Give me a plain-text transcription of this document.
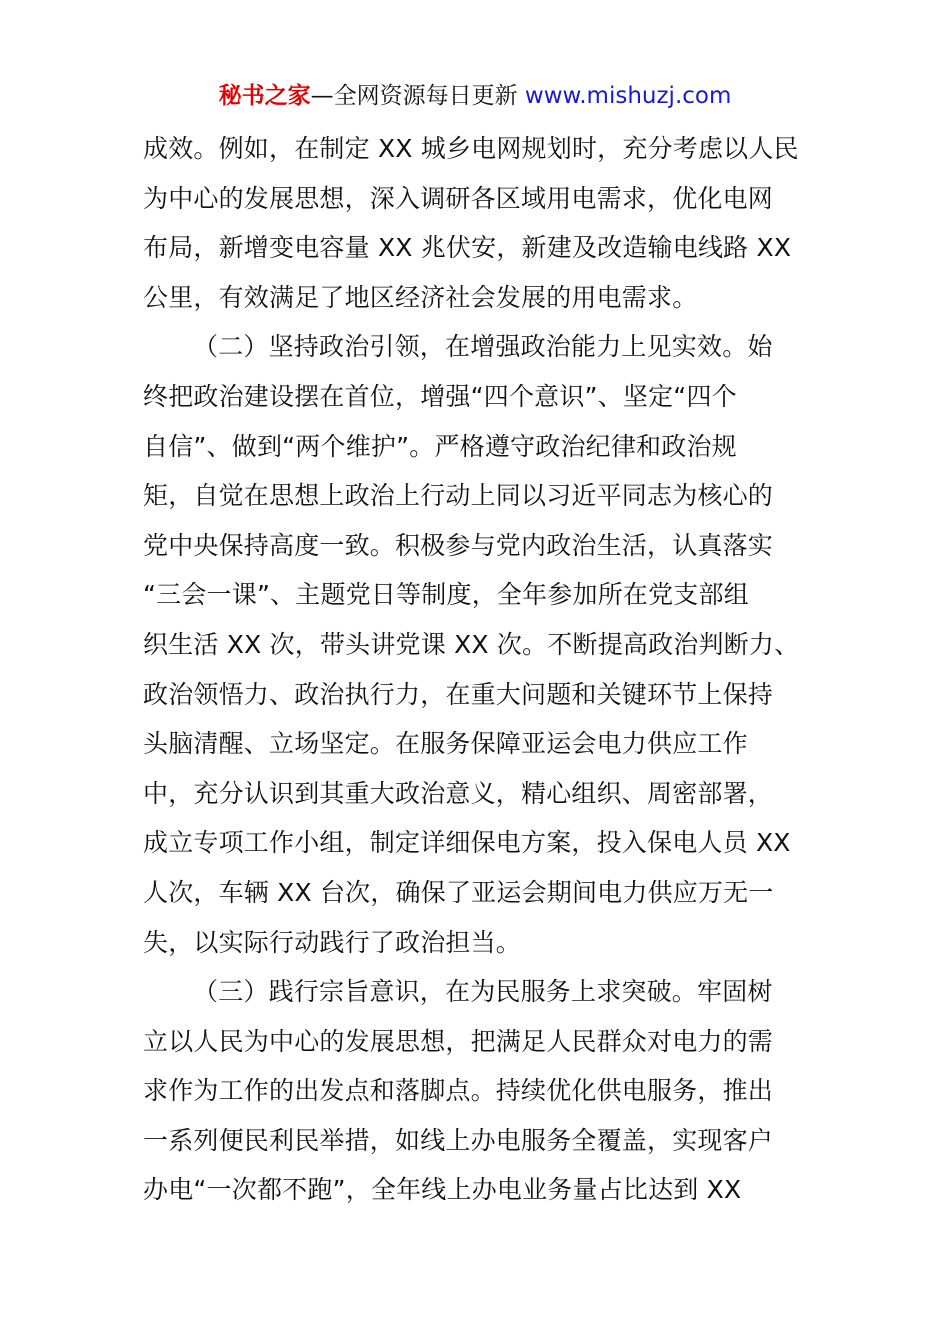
秘书之家—全网资源每日更新 www.mishuzj.com
成效。例如，在制定 XX 城乡电网规划时，充分考虑以人民
为中心的发展思想，深入调研各区域用电需求，优化电网
布局，新增变电容量 XX 兆伏安，新建及改造输电线路 XX
公里，有效满足了地区经济社会发展的用电需求。
（二）坚持政治引领，在增强政治能力上见实效。始
终把政治建设摆在首位，增强“四个意识”、坚定“四个
自信”、做到“两个维护”。严格遵守政治纪律和政治规
矩，自觉在思想上政治上行动上同以习近平同志为核心的
党中央保持高度一致。积极参与党内政治生活，认真落实
“三会一课”、主题党日等制度，全年参加所在党支部组
织生活 XX 次，带头讲党课 XX 次。不断提高政治判断力、
政治领悟力、政治执行力，在重大问题和关键环节上保持
头脑清醒、立场坚定。在服务保障亚运会电力供应工作
中，充分认识到其重大政治意义，精心组织、周密部署，
成立专项工作小组，制定详细保电方案，投入保电人员 XX
人次，车辆 XX 台次，确保了亚运会期间电力供应万无一
失，以实际行动践行了政治担当。
（三）践行宗旨意识，在为民服务上求突破。牢固树
立以人民为中心的发展思想，把满足人民群众对电力的需
求作为工作的出发点和落脚点。持续优化供电服务，推出
一系列便民利民举措，如线上办电服务全覆盖，实现客户
办电“一次都不跑”，全年线上办电业务量占比达到 XX
